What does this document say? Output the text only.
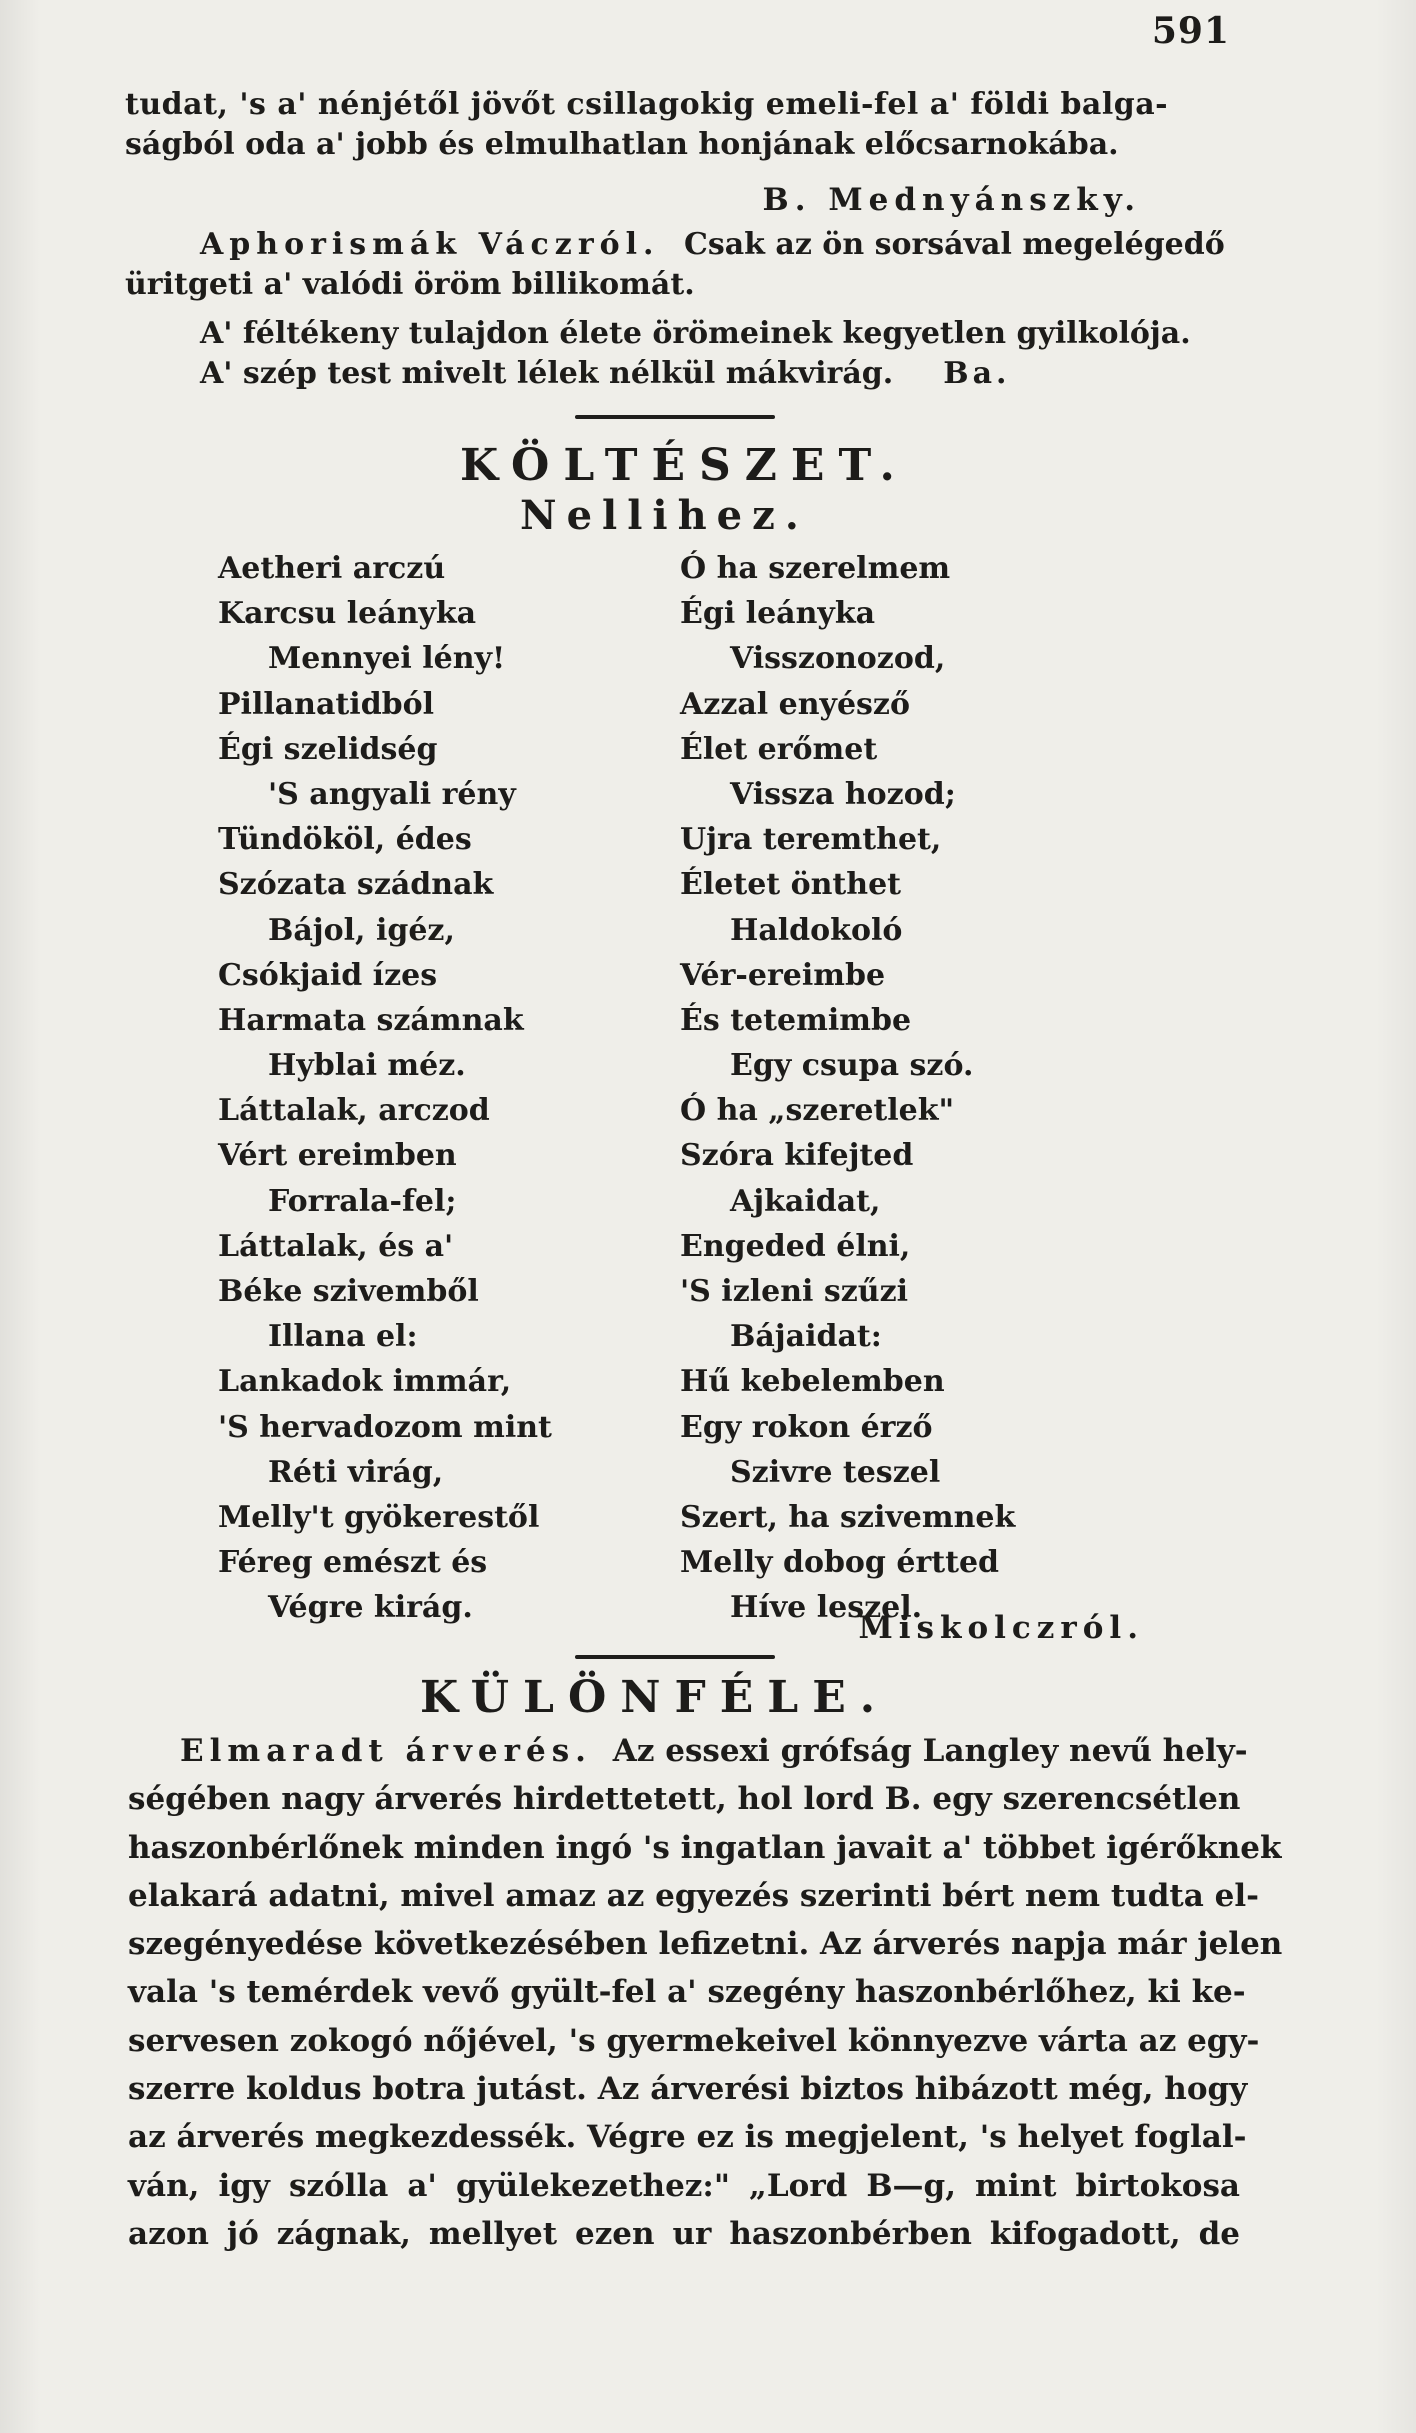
591

tudat, 's a' nénjétől jövőt csillagokig emeli-fel a' földi balga-
ságból oda a' jobb és elmulhatlan honjának előcsarnokába.

B. Mednyánszky.

Aphorismák Váczról. Csak az ön sorsával megelégedő
üritgeti a' valódi öröm billikomát.

A' féltékeny tulajdon élete örömeinek kegyetlen gyilkolója.
A' szép test mivelt lélek nélkül mákvirág. Ba.
KÖLTÉSZET.
Nellihez.
Aetheri arczú
Karcsu leányka
Mennyei lény!
Pillanatidból
Égi szelidség
'S angyali rény
Tündököl, édes
Szózata szádnak
Bájol, igéz,
Csókjaid ízes
Harmata számnak
Hyblai méz.
Láttalak, arczod
Vért ereimben
Forrala-fel;
Láttalak, és a'
Béke szivemből
Illana el:
Lankadok immár,
'S hervadozom mint
Réti virág,
Melly't gyökerestől
Féreg emészt és
Végre kirág.
Ó ha szerelmem
Égi leányka
Visszonozod,
Azzal enyésző
Élet erőmet
Vissza hozod;
Ujra teremthet,
Életet önthet
Haldokoló
Vér-ereimbe
És tetemimbe
Egy csupa szó.
Ó ha „szeretlek"
Szóra kifejted
Ajkaidat,
Engeded élni,
'S izleni szűzi
Bájaidat:
Hű kebelemben
Egy rokon érző
Szivre teszel
Szert, ha szivemnek
Melly dobog értted
Híve leszel.
Miskolczról.
KÜLÖNFÉLE.

Elmaradt árverés. Az essexi grófság Langley nevű hely-
ségében nagy árverés hirdettetett, hol lord B. egy szerencsétlen
haszonbérlőnek minden ingó 's ingatlan javait a' többet igérőknek
elakará adatni, mivel amaz az egyezés szerinti bért nem tudta el-
szegényedése következésében lefizetni. Az árverés napja már jelen
vala 's temérdek vevő gyült-fel a' szegény haszonbérlőhez, ki ke-
servesen zokogó nőjével, 's gyermekeivel könnyezve várta az egy-
szerre koldus botra jutást. Az árverési biztos hibázott még, hogy
az árverés megkezdessék. Végre ez is megjelent, 's helyet foglal-
ván, igy szólla a' gyülekezethez:" „Lord B—g, mint birtokosa
azon jó zágnak, mellyet ezen ur haszonbérben kifogadott, de
